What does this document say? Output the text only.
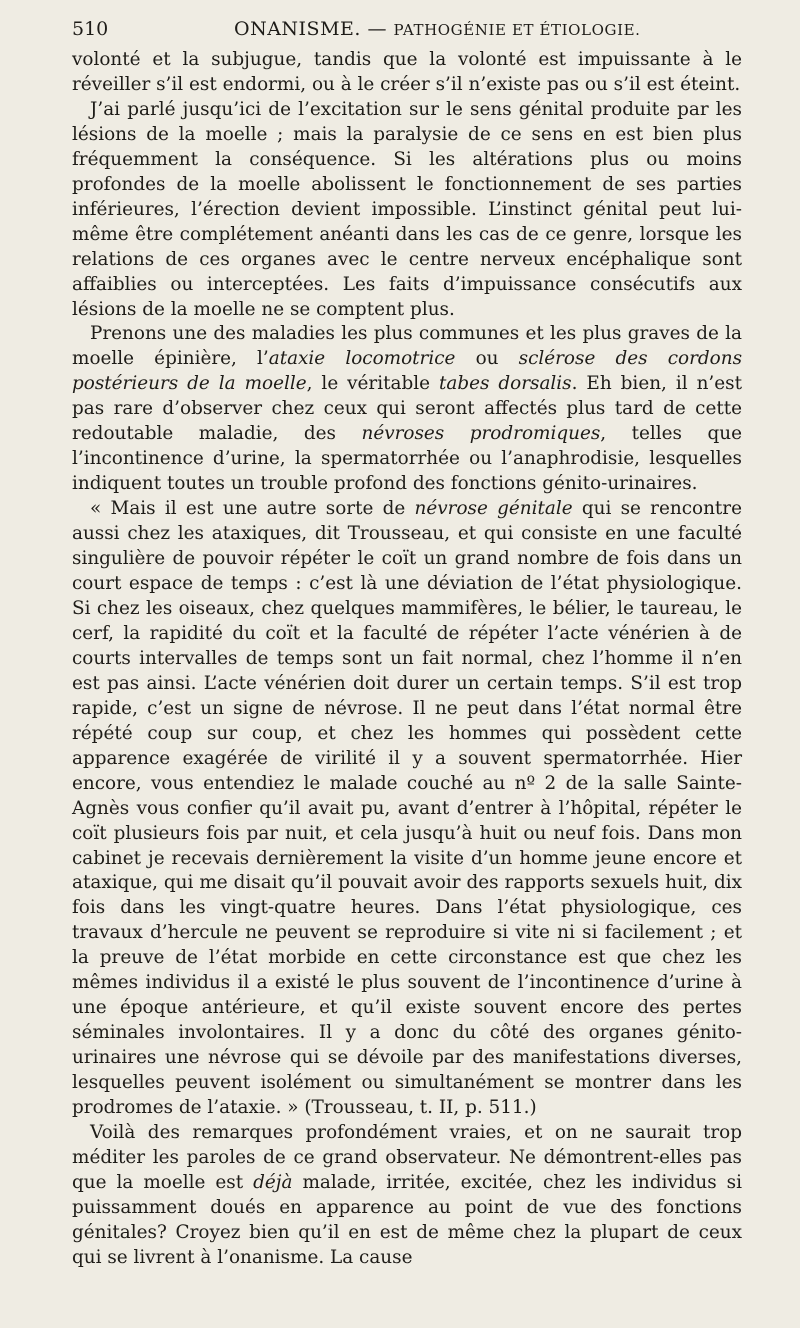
510	ONANISME. — PATHOGÉNIE ET ÉTIOLOGIE.

volonté et la subjugue, tandis que la volonté est impuissante à le réveiller s’il est endormi, ou à le créer s’il n’existe pas ou s’il est éteint.

J’ai parlé jusqu’ici de l’excitation sur le sens génital produite par les lésions de la moelle ; mais la paralysie de ce sens en est bien plus fréquemment la conséquence. Si les altérations plus ou moins profondes de la moelle abolissent le fonctionnement de ses parties inférieures, l’érection devient impossible. L’instinct génital peut lui-même être complétement anéanti dans les cas de ce genre, lorsque les relations de ces organes avec le centre nerveux encéphalique sont affaiblies ou interceptées. Les faits d’impuissance consécutifs aux lésions de la moelle ne se comptent plus.

Prenons une des maladies les plus communes et les plus graves de la moelle épinière, l’ataxie locomotrice ou sclérose des cordons postérieurs de la moelle, le véritable tabes dorsalis. Eh bien, il n’est pas rare d’observer chez ceux qui seront affectés plus tard de cette redoutable maladie, des névroses prodromiques, telles que l’incontinence d’urine, la spermatorrhée ou l’anaphrodisie, lesquelles indiquent toutes un trouble profond des fonctions génito-urinaires.

« Mais il est une autre sorte de névrose génitale qui se rencontre aussi chez les ataxiques, dit Trousseau, et qui consiste en une faculté singulière de pouvoir répéter le coït un grand nombre de fois dans un court espace de temps : c’est là une déviation de l’état physiologique. Si chez les oiseaux, chez quelques mammifères, le bélier, le taureau, le cerf, la rapidité du coït et la faculté de répéter l’acte vénérien à de courts intervalles de temps sont un fait normal, chez l’homme il n’en est pas ainsi. L’acte vénérien doit durer un certain temps. S’il est trop rapide, c’est un signe de névrose. Il ne peut dans l’état normal être répété coup sur coup, et chez les hommes qui possèdent cette apparence exagérée de virilité il y a souvent spermatorrhée. Hier encore, vous entendiez le malade couché au nº 2 de la salle Sainte-Agnès vous confier qu’il avait pu, avant d’entrer à l’hôpital, répéter le coït plusieurs fois par nuit, et cela jusqu’à huit ou neuf fois. Dans mon cabinet je recevais dernièrement la visite d’un homme jeune encore et ataxique, qui me disait qu’il pouvait avoir des rapports sexuels huit, dix fois dans les vingt-quatre heures. Dans l’état physiologique, ces travaux d’hercule ne peuvent se reproduire si vite ni si facilement ; et la preuve de l’état morbide en cette circonstance est que chez les mêmes individus il a existé le plus souvent de l’incontinence d’urine à une époque antérieure, et qu’il existe souvent encore des pertes séminales involontaires. Il y a donc du côté des organes génito-urinaires une névrose qui se dévoile par des manifestations diverses, lesquelles peuvent isolément ou simultanément se montrer dans les prodromes de l’ataxie. » (Trousseau, t. II, p. 511.)

Voilà des remarques profondément vraies, et on ne saurait trop méditer les paroles de ce grand observateur. Ne démontrent-elles pas que la moelle est déjà malade, irritée, excitée, chez les individus si puissamment doués en apparence au point de vue des fonctions génitales? Croyez bien qu’il en est de même chez la plupart de ceux qui se livrent à l’onanisme. La cause
